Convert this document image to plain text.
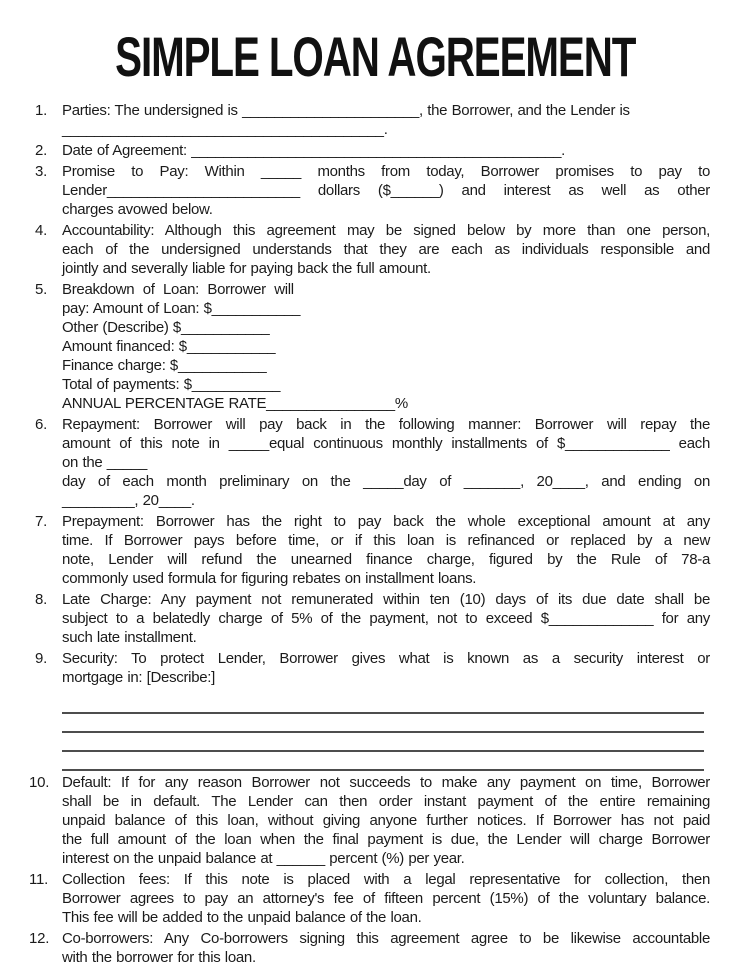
SIMPLE LOAN AGREEMENT
1. Parties: The undersigned is ______________________, the Borrower, and the Lender is
________________________________________.
2. Date of Agreement: ______________________________________________.
3. Promise to Pay: Within _____ months from today, Borrower promises to pay to
Lender________________________ dollars ($______) and interest as well as other
charges avowed below.
4. Accountability: Although this agreement may be signed below by more than one person,
each of the undersigned understands that they are each as individuals responsible and
jointly and severally liable for paying back the full amount.
5. Breakdown of Loan: Borrower will
pay: Amount of Loan: $___________
Other (Describe) $___________
Amount financed: $___________
Finance charge: $___________
Total of payments: $___________
ANNUAL PERCENTAGE RATE________________%
6. Repayment: Borrower will pay back in the following manner: Borrower will repay the
amount of this note in _____equal continuous monthly installments of $_____________ each
on the _____
day of each month preliminary on the _____day of _______, 20____, and ending on
_________, 20____.
7. Prepayment: Borrower has the right to pay back the whole exceptional amount at any
time. If Borrower pays before time, or if this loan is refinanced or replaced by a new
note, Lender will refund the unearned finance charge, figured by the Rule of 78-a
commonly used formula for figuring rebates on installment loans.
8. Late Charge: Any payment not remunerated within ten (10) days of its due date shall be
subject to a belatedly charge of 5% of the payment, not to exceed $_____________ for any
such late installment.
9. Security: To protect Lender, Borrower gives what is known as a security interest or
mortgage in: [Describe:]
10. Default: If for any reason Borrower not succeeds to make any payment on time, Borrower
shall be in default. The Lender can then order instant payment of the entire remaining
unpaid balance of this loan, without giving anyone further notices. If Borrower has not paid
the full amount of the loan when the final payment is due, the Lender will charge Borrower
interest on the unpaid balance at ______ percent (%) per year.
11. Collection fees: If this note is placed with a legal representative for collection, then
Borrower agrees to pay an attorney's fee of fifteen percent (15%) of the voluntary balance.
This fee will be added to the unpaid balance of the loan.
12. Co-borrowers: Any Co-borrowers signing this agreement agree to be likewise accountable
with the borrower for this loan.
